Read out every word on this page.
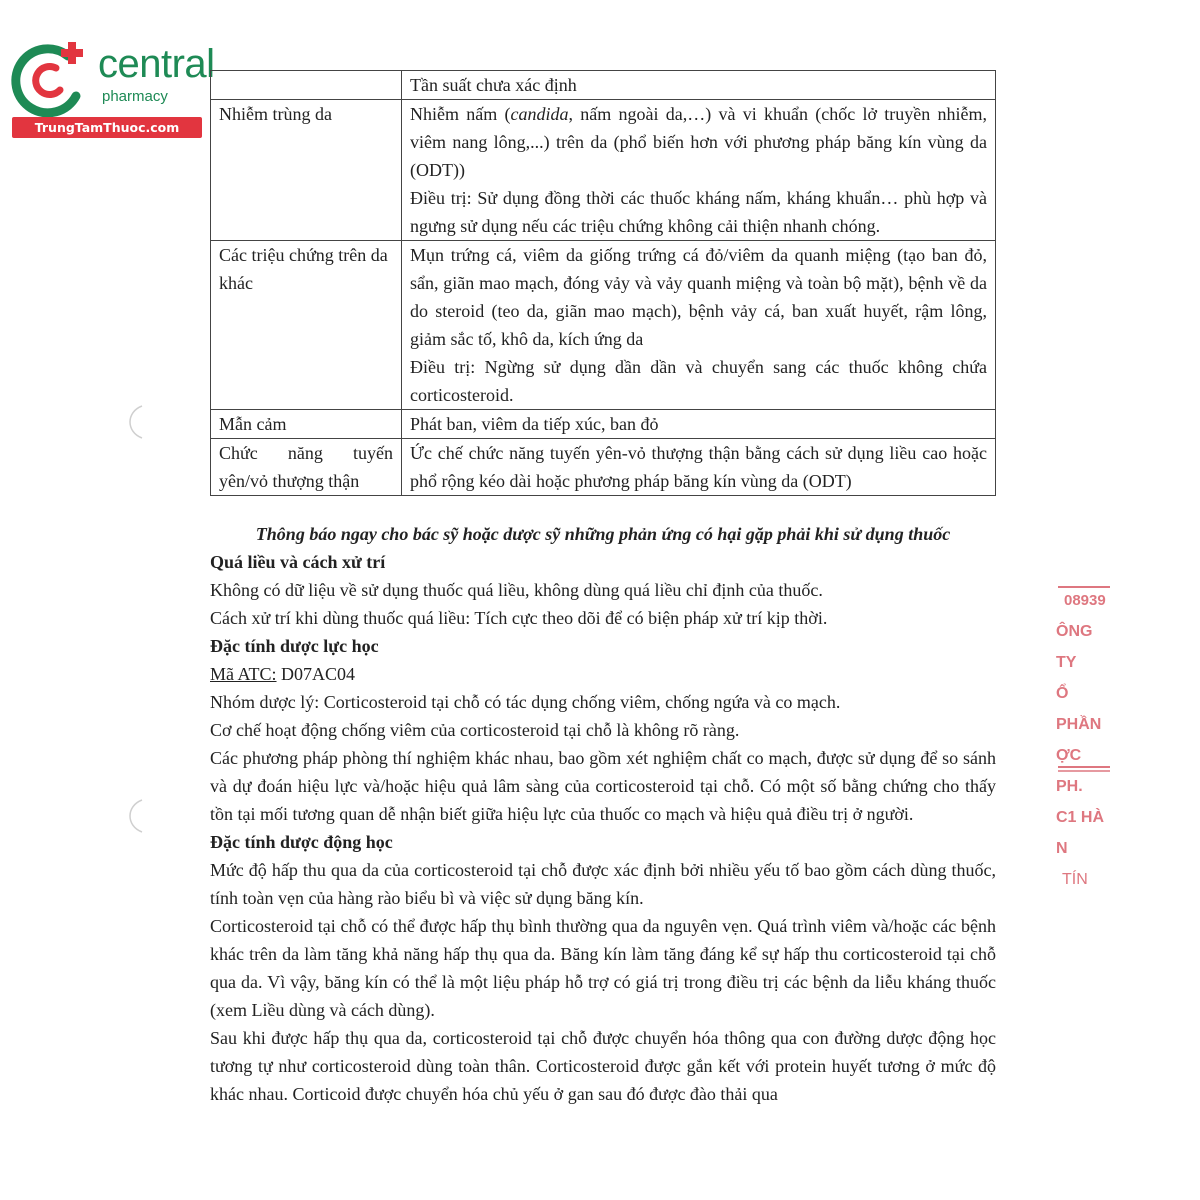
central
pharmacy
TrungTamThuoc.com
	Tần suất chưa xác định
Nhiễm trùng da	Nhiễm nấm (candida, nấm ngoài da,…) và vi khuẩn (chốc lở truyền nhiễm, viêm nang lông,...) trên da (phổ biến hơn với phương pháp băng kín vùng da (ODT))
Điều trị: Sử dụng đồng thời các thuốc kháng nấm, kháng khuẩn… phù hợp và ngưng sử dụng nếu các triệu chứng không cải thiện nhanh chóng.

Các triệu chứng trên da khác	Mụn trứng cá, viêm da giống trứng cá đỏ/viêm da quanh miệng (tạo ban đỏ, sẩn, giãn mao mạch, đóng vảy và vảy quanh miệng và toàn bộ mặt), bệnh về da do steroid (teo da, giãn mao mạch), bệnh vảy cá, ban xuất huyết, rậm lông, giảm sắc tố, khô da, kích ứng da
Điều trị: Ngừng sử dụng dần dần và chuyển sang các thuốc không chứa corticosteroid.

Mẫn cảm	Phát ban, viêm da tiếp xúc, ban đỏ

Chức năng tuyến
yên/vỏ thượng thận	Ức chế chức năng tuyến yên-vỏ thượng thận bằng cách sử dụng liều cao hoặc phổ rộng kéo dài hoặc phương pháp băng kín vùng da (ODT)

Thông báo ngay cho bác sỹ hoặc dược sỹ những phản ứng có hại gặp phải khi sử dụng thuốc

Quá liều và cách xử trí

Không có dữ liệu về sử dụng thuốc quá liều, không dùng quá liều chỉ định của thuốc.

Cách xử trí khi dùng thuốc quá liều: Tích cực theo dõi để có biện pháp xử trí kịp thời.

Đặc tính dược lực học

Mã ATC: D07AC04

Nhóm dược lý: Corticosteroid tại chỗ có tác dụng chống viêm, chống ngứa và co mạch.

Cơ chế hoạt động chống viêm của corticosteroid tại chỗ là không rõ ràng.

Các phương pháp phòng thí nghiệm khác nhau, bao gồm xét nghiệm chất co mạch, được sử dụng để so sánh và dự đoán hiệu lực và/hoặc hiệu quả lâm sàng của corticosteroid tại chỗ. Có một số bằng chứng cho thấy tồn tại mối tương quan dễ nhận biết giữa hiệu lực của thuốc co mạch và hiệu quả điều trị ở người.

Đặc tính dược động học

Mức độ hấp thu qua da của corticosteroid tại chỗ được xác định bởi nhiều yếu tố bao gồm cách dùng thuốc, tính toàn vẹn của hàng rào biểu bì và việc sử dụng băng kín.

Corticosteroid tại chỗ có thể được hấp thụ bình thường qua da nguyên vẹn. Quá trình viêm và/hoặc các bệnh khác trên da làm tăng khả năng hấp thụ qua da. Băng kín làm tăng đáng kể sự hấp thu corticosteroid tại chỗ qua da. Vì vậy, băng kín có thể là một liệu pháp hỗ trợ có giá trị trong điều trị các bệnh da liễu kháng thuốc (xem Liều dùng và cách dùng).

Sau khi được hấp thụ qua da, corticosteroid tại chỗ được chuyển hóa thông qua con đường dược động học tương tự như corticosteroid dùng toàn thân. Corticosteroid được gắn kết với protein huyết tương ở mức độ khác nhau. Corticoid được chuyển hóa chủ yếu ở gan sau đó được đào thải qua

08939
ÔNG TY
Ổ PHẦN
ỢC PH.
C1 HÀ N
TÍN
